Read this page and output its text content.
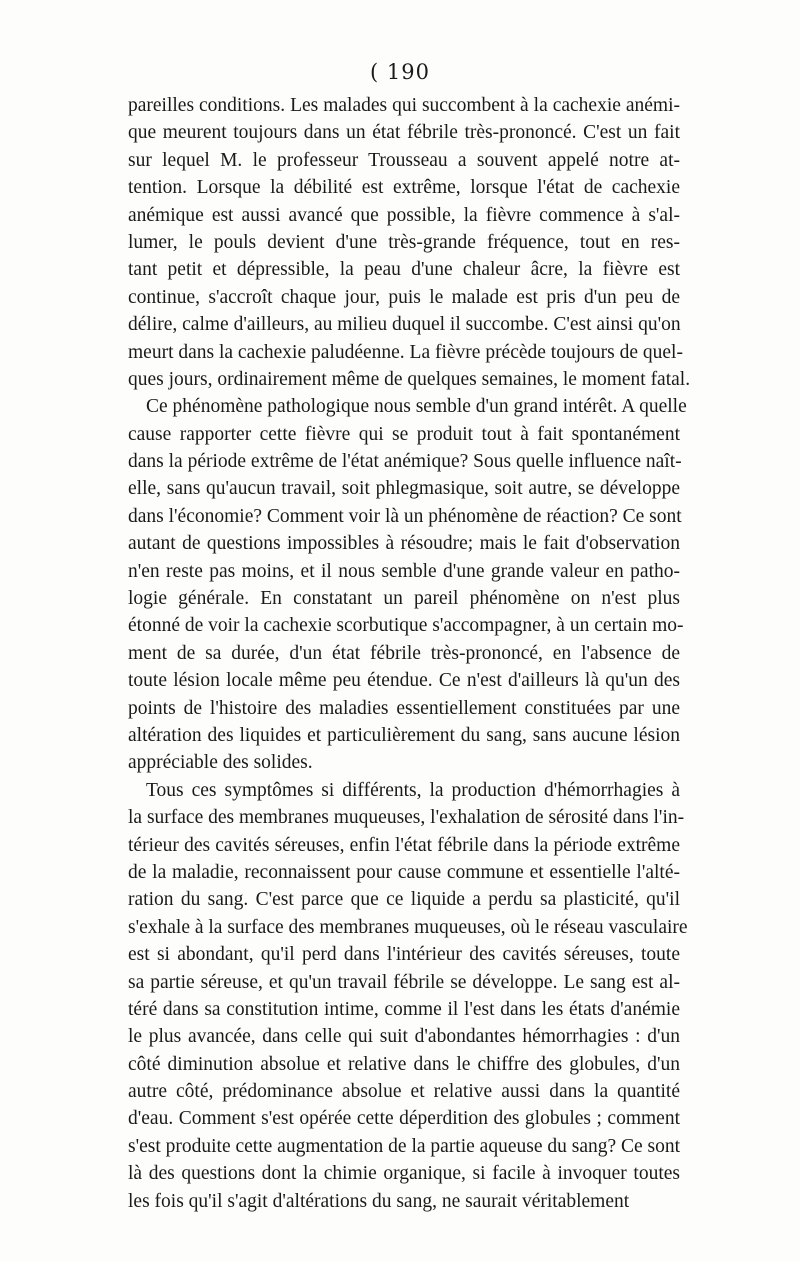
( 190
pareilles conditions. Les malades qui succombent à la cachexie anémi-
que meurent toujours dans un état fébrile très-prononcé. C'est un fait
sur lequel M. le professeur Trousseau a souvent appelé notre at-
tention. Lorsque la débilité est extrême, lorsque l'état de cachexie
anémique est aussi avancé que possible, la fièvre commence à s'al-
lumer, le pouls devient d'une très-grande fréquence, tout en res-
tant petit et dépressible, la peau d'une chaleur âcre, la fièvre est
continue, s'accroît chaque jour, puis le malade est pris d'un peu de
délire, calme d'ailleurs, au milieu duquel il succombe. C'est ainsi qu'on
meurt dans la cachexie paludéenne. La fièvre précède toujours de quel-
ques jours, ordinairement même de quelques semaines, le moment fatal.
Ce phénomène pathologique nous semble d'un grand intérêt. A quelle
cause rapporter cette fièvre qui se produit tout à fait spontanément
dans la période extrême de l'état anémique? Sous quelle influence naît-
elle, sans qu'aucun travail, soit phlegmasique, soit autre, se développe
dans l'économie? Comment voir là un phénomène de réaction? Ce sont
autant de questions impossibles à résoudre; mais le fait d'observation
n'en reste pas moins, et il nous semble d'une grande valeur en patho-
logie générale. En constatant un pareil phénomène on n'est plus
étonné de voir la cachexie scorbutique s'accompagner, à un certain mo-
ment de sa durée, d'un état fébrile très-prononcé, en l'absence de
toute lésion locale même peu étendue. Ce n'est d'ailleurs là qu'un des
points de l'histoire des maladies essentiellement constituées par une
altération des liquides et particulièrement du sang, sans aucune lésion
appréciable des solides.
Tous ces symptômes si différents, la production d'hémorrhagies à
la surface des membranes muqueuses, l'exhalation de sérosité dans l'in-
térieur des cavités séreuses, enfin l'état fébrile dans la période extrême
de la maladie, reconnaissent pour cause commune et essentielle l'alté-
ration du sang. C'est parce que ce liquide a perdu sa plasticité, qu'il
s'exhale à la surface des membranes muqueuses, où le réseau vasculaire
est si abondant, qu'il perd dans l'intérieur des cavités séreuses, toute
sa partie séreuse, et qu'un travail fébrile se développe. Le sang est al-
téré dans sa constitution intime, comme il l'est dans les états d'anémie
le plus avancée, dans celle qui suit d'abondantes hémorrhagies : d'un
côté diminution absolue et relative dans le chiffre des globules, d'un
autre côté, prédominance absolue et relative aussi dans la quantité
d'eau. Comment s'est opérée cette déperdition des globules ; comment
s'est produite cette augmentation de la partie aqueuse du sang? Ce sont
là des questions dont la chimie organique, si facile à invoquer toutes
les fois qu'il s'agit d'altérations du sang, ne saurait véritablement
